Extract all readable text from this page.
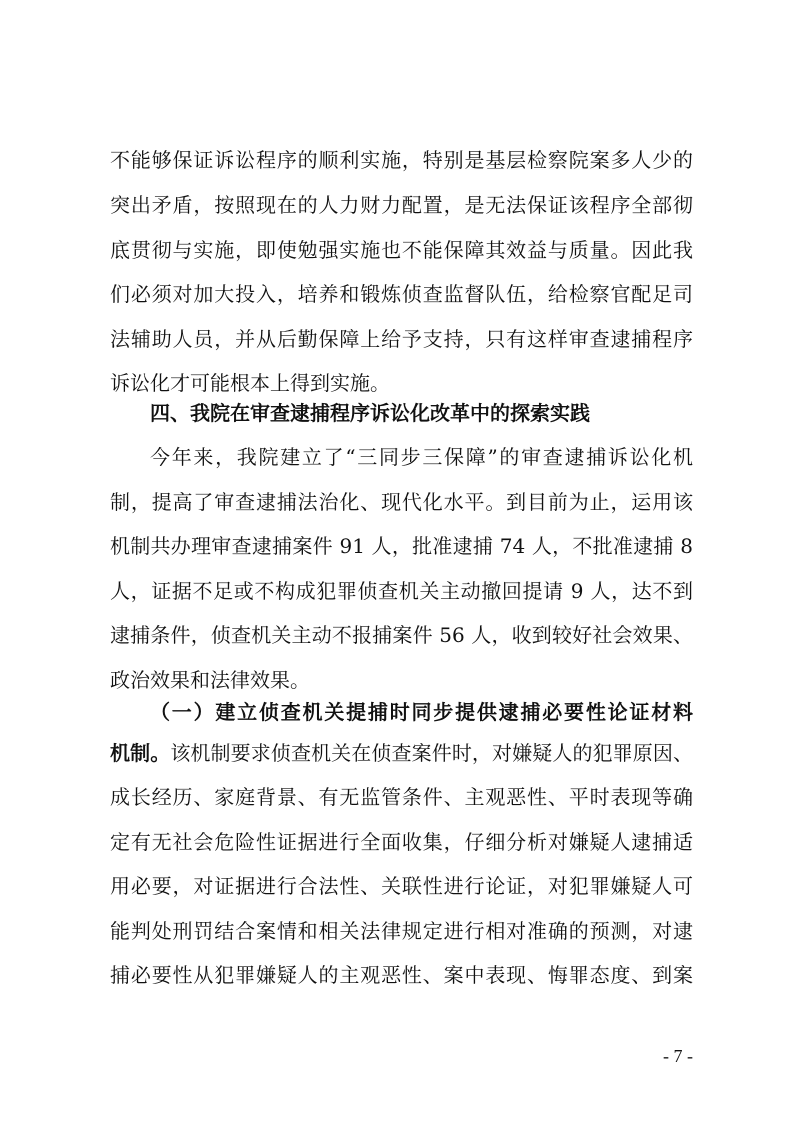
不能够保证诉讼程序的顺利实施，特别是基层检察院案多人少的
突出矛盾，按照现在的人力财力配置，是无法保证该程序全部彻
底贯彻与实施，即使勉强实施也不能保障其效益与质量。因此我
们必须对加大投入，培养和锻炼侦查监督队伍，给检察官配足司
法辅助人员，并从后勤保障上给予支持，只有这样审查逮捕程序
诉讼化才可能根本上得到实施。
四、我院在审查逮捕程序诉讼化改革中的探索实践
今年来，我院建立了“三同步三保障”的审查逮捕诉讼化机
制，提高了审查逮捕法治化、现代化水平。到目前为止，运用该
机制共办理审查逮捕案件 91 人，批准逮捕 74 人，不批准逮捕 8
人，证据不足或不构成犯罪侦查机关主动撤回提请 9 人，达不到
逮捕条件，侦查机关主动不报捕案件 56 人，收到较好社会效果、
政治效果和法律效果。
（一）建立侦查机关提捕时同步提供逮捕必要性论证材料
机制。该机制要求侦查机关在侦查案件时，对嫌疑人的犯罪原因、
成长经历、家庭背景、有无监管条件、主观恶性、平时表现等确
定有无社会危险性证据进行全面收集，仔细分析对嫌疑人逮捕适
用必要，对证据进行合法性、关联性进行论证，对犯罪嫌疑人可
能判处刑罚结合案情和相关法律规定进行相对准确的预测，对逮
捕必要性从犯罪嫌疑人的主观恶性、案中表现、悔罪态度、到案
- 7 -
